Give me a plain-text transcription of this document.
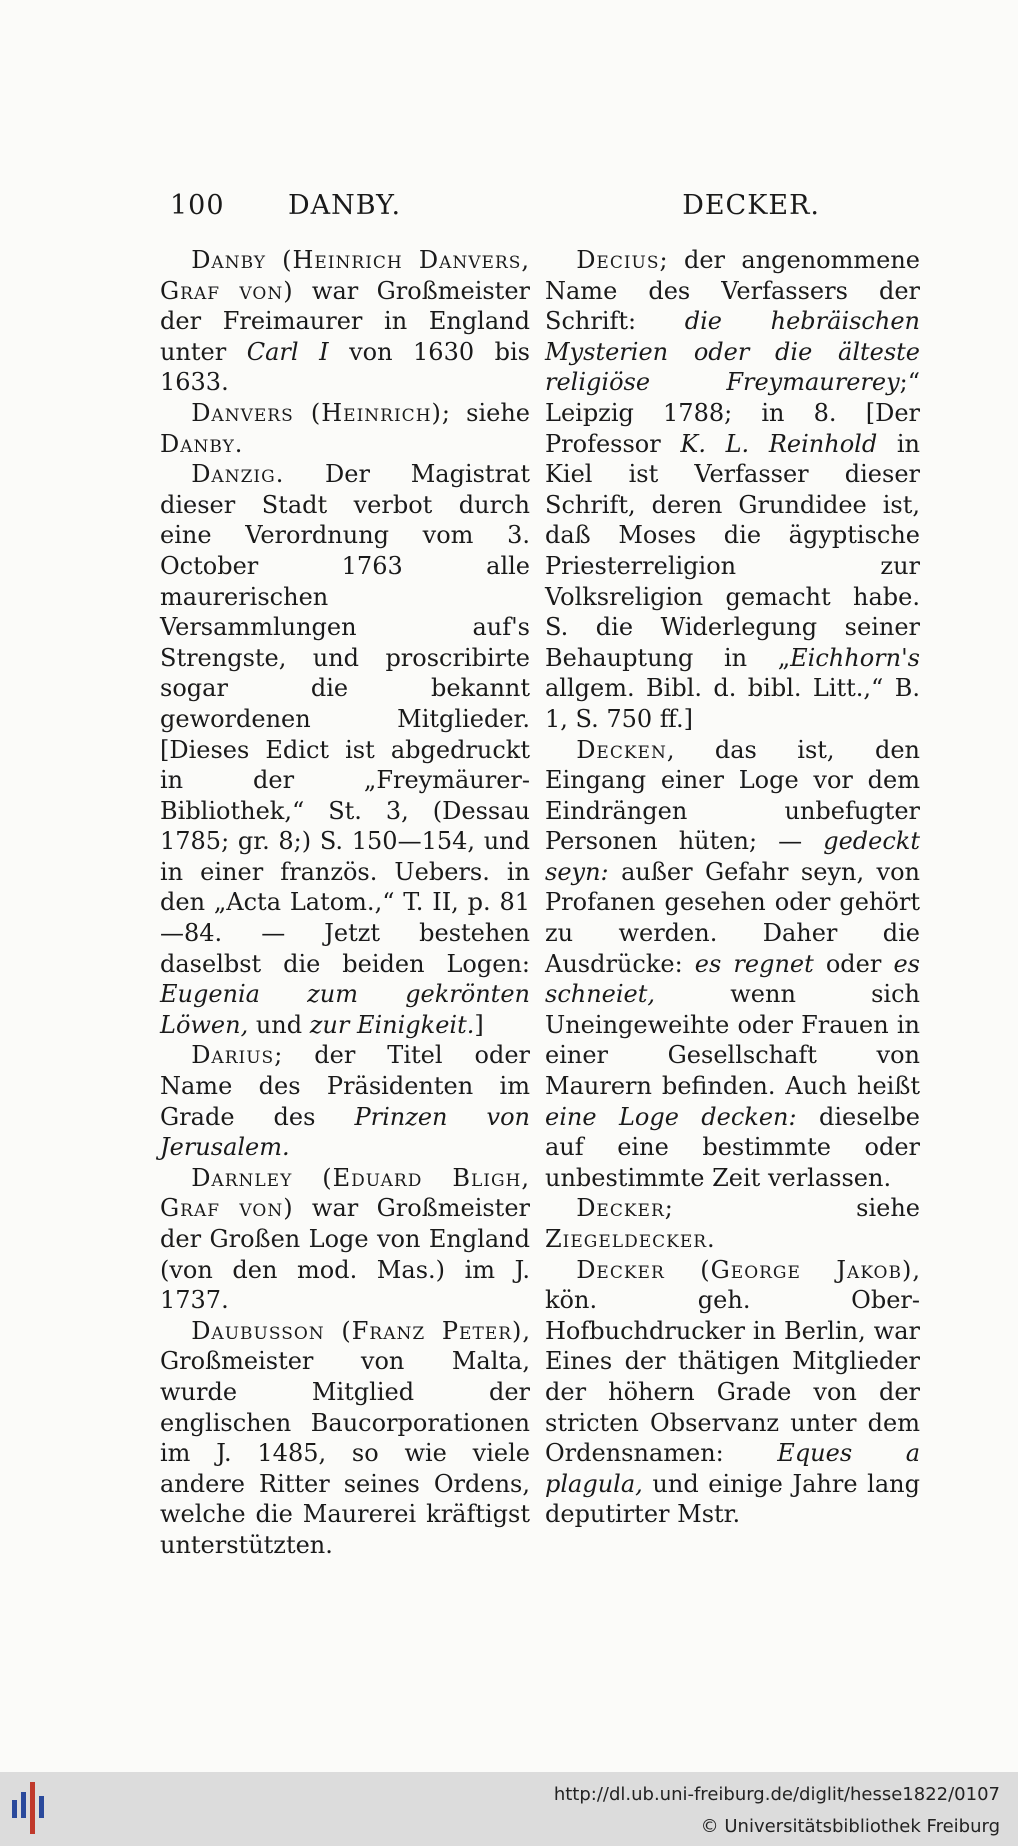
100 DANBY.	DECKER.

Danby (Heinrich Danvers, Graf von) war Großmeister der Freimaurer in England unter Carl I von 1630 bis 1633.

Danvers (Heinrich); siehe Danby.

Danzig. Der Magistrat dieser Stadt verbot durch eine Verordnung vom 3. October 1763 alle maurerischen Versammlungen auf's Strengste, und proscribirte sogar die bekannt gewordenen Mitglieder. [Dieses Edict ist abgedruckt in der „Freymäurer-Bibliothek,“ St. 3, (Dessau 1785; gr. 8;) S. 150—154, und in einer französ. Uebers. in den „Acta Latom.,“ T. II, p. 81—84. — Jetzt bestehen daselbst die beiden Logen: Eugenia zum gekrönten Löwen, und zur Einigkeit.]

Darius; der Titel oder Name des Präsidenten im Grade des Prinzen von Jerusalem.

Darnley (Eduard Bligh, Graf von) war Großmeister der Großen Loge von England (von den mod. Mas.) im J. 1737.

Daubusson (Franz Peter), Großmeister von Malta, wurde Mitglied der englischen Baucorporationen im J. 1485, so wie viele andere Ritter seines Ordens, welche die Maurerei kräftigst unterstützten.

Decius; der angenommene Name des Verfassers der Schrift: die hebräischen Mysterien oder die älteste religiöse Freymaurerey;“ Leipzig 1788; in 8. [Der Professor K. L. Reinhold in Kiel ist Verfasser dieser Schrift, deren Grundidee ist, daß Moses die ägyptische Priesterreligion zur Volksreligion gemacht habe. S. die Widerlegung seiner Behauptung in „Eichhorn's allgem. Bibl. d. bibl. Litt.,“ B. 1, S. 750 ff.]

Decken, das ist, den Eingang einer Loge vor dem Eindrängen unbefugter Personen hüten; — gedeckt seyn: außer Gefahr seyn, von Profanen gesehen oder gehört zu werden. Daher die Ausdrücke: es regnet oder es schneiet, wenn sich Uneingeweihte oder Frauen in einer Gesellschaft von Maurern befinden. Auch heißt eine Loge decken: dieselbe auf eine bestimmte oder unbestimmte Zeit verlassen.

Decker; siehe Ziegeldecker.

Decker (George Jakob), kön. geh. Ober-Hofbuchdrucker in Berlin, war Eines der thätigen Mitglieder der höhern Grade von der stricten Observanz unter dem Ordensnamen: Eques a plagula, und einige Jahre lang deputirter Mstr.

http://dl.ub.uni-freiburg.de/diglit/hesse1822/0107
© Universitätsbibliothek Freiburg
